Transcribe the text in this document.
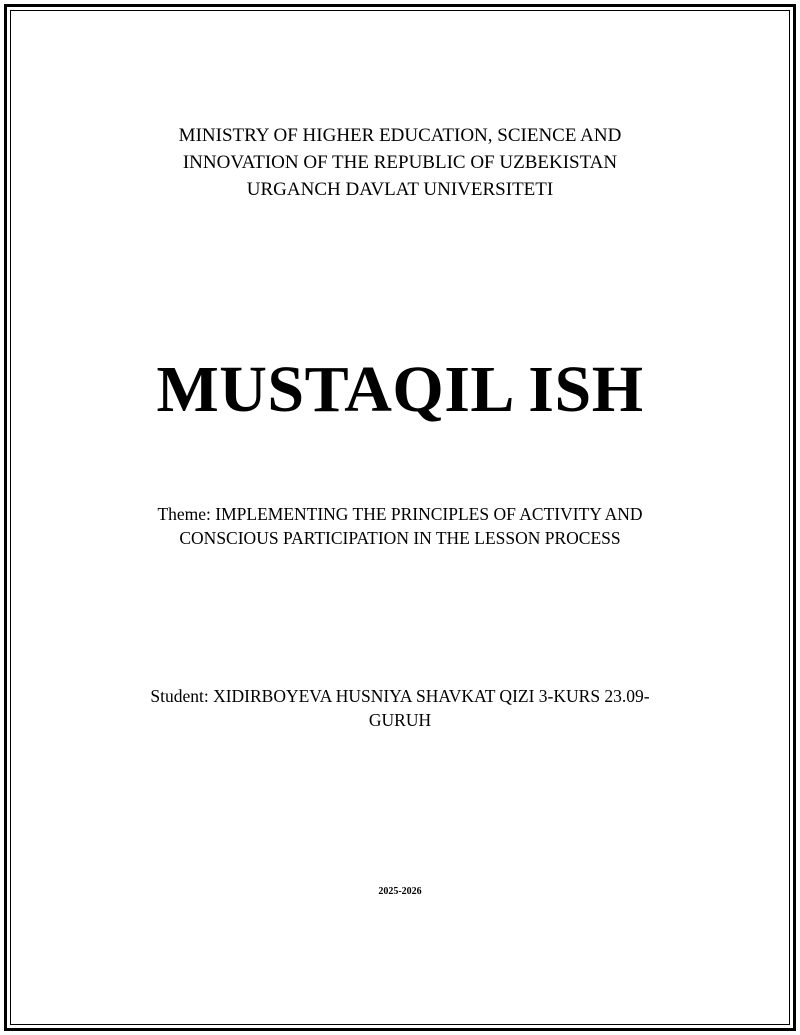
MINISTRY OF HIGHER EDUCATION, SCIENCE AND
INNOVATION OF THE REPUBLIC OF UZBEKISTAN
URGANCH DAVLAT UNIVERSITETI
MUSTAQIL ISH
Theme: IMPLEMENTING THE PRINCIPLES OF ACTIVITY AND CONSCIOUS PARTICIPATION IN THE LESSON PROCESS
Student: XIDIRBOYEVA HUSNIYA SHAVKAT QIZI 3-KURS 23.09-GURUH
2025-2026
